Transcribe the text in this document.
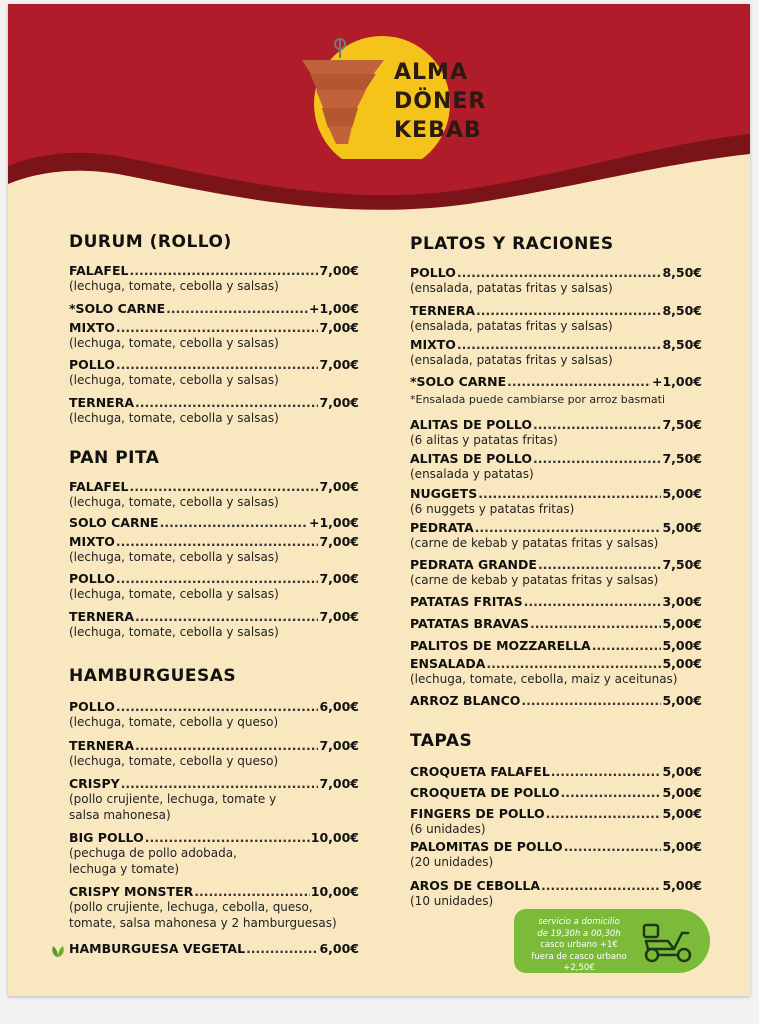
ALMA
DÖNER
KEBAB
DURUM (ROLLO)
FALAFEL .....	7,00€
(lechuga, tomate, cebolla y salsas)
*SOLO CARNE .....	+1,00€
MIXTO .....	7,00€
(lechuga, tomate, cebolla y salsas)
POLLO .....	7,00€
(lechuga, tomate, cebolla y salsas)
TERNERA .....	7,00€
(lechuga, tomate, cebolla y salsas)
PAN PITA
FALAFEL .....	7,00€
(lechuga, tomate, cebolla y salsas)
SOLO CARNE .....	+1,00€
MIXTO .....	7,00€
(lechuga, tomate, cebolla y salsas)
POLLO .....	7,00€
(lechuga, tomate, cebolla y salsas)
TERNERA .....	7,00€
(lechuga, tomate, cebolla y salsas)
HAMBURGUESAS
POLLO .....	6,00€
(lechuga, tomate, cebolla y queso)
TERNERA .....	7,00€
(lechuga, tomate, cebolla y queso)
CRISPY .....	7,00€
(pollo crujiente, lechuga, tomate y salsa mahonesa)
BIG POLLO .....	10,00€
(pechuga de pollo adobada, lechuga y tomate)
CRISPY MONSTER .....	10,00€
(pollo crujiente, lechuga, cebolla, queso, tomate, salsa mahonesa y 2 hamburguesas)
HAMBURGUESA VEGETAL .....	6,00€
PLATOS Y RACIONES
POLLO .....	8,50€
(ensalada, patatas fritas y salsas)
TERNERA .....	8,50€
(ensalada, patatas fritas y salsas)
MIXTO .....	8,50€
(ensalada, patatas fritas y salsas)
*SOLO CARNE .....	+1,00€
*Ensalada puede cambiarse por arroz basmati
ALITAS DE POLLO .....	7,50€
(6 alitas y patatas fritas)
ALITAS DE POLLO .....	7,50€
(ensalada y patatas)
NUGGETS .....	5,00€
(6 nuggets y patatas fritas)
PEDRATA .....	5,00€
(carne de kebab y patatas fritas y salsas)
PEDRATA GRANDE .....	7,50€
(carne de kebab y patatas fritas y salsas)
PATATAS FRITAS .....	3,00€
PATATAS BRAVAS .....	5,00€
PALITOS DE MOZZARELLA .....	5,00€
ENSALADA .....	5,00€
(lechuga, tomate, cebolla, maiz y aceitunas)
ARROZ BLANCO .....	5,00€
TAPAS
CROQUETA FALAFEL .....	5,00€
CROQUETA DE POLLO .....	5,00€
FINGERS DE POLLO .....	5,00€
(6 unidades)
PALOMITAS DE POLLO .....	5,00€
(20 unidades)
AROS DE CEBOLLA .....	5,00€
(10 unidades)
servicio a domicilio
de 19,30h a 00,30h
casco urbano +1€
fuera de casco urbano +2,50€
